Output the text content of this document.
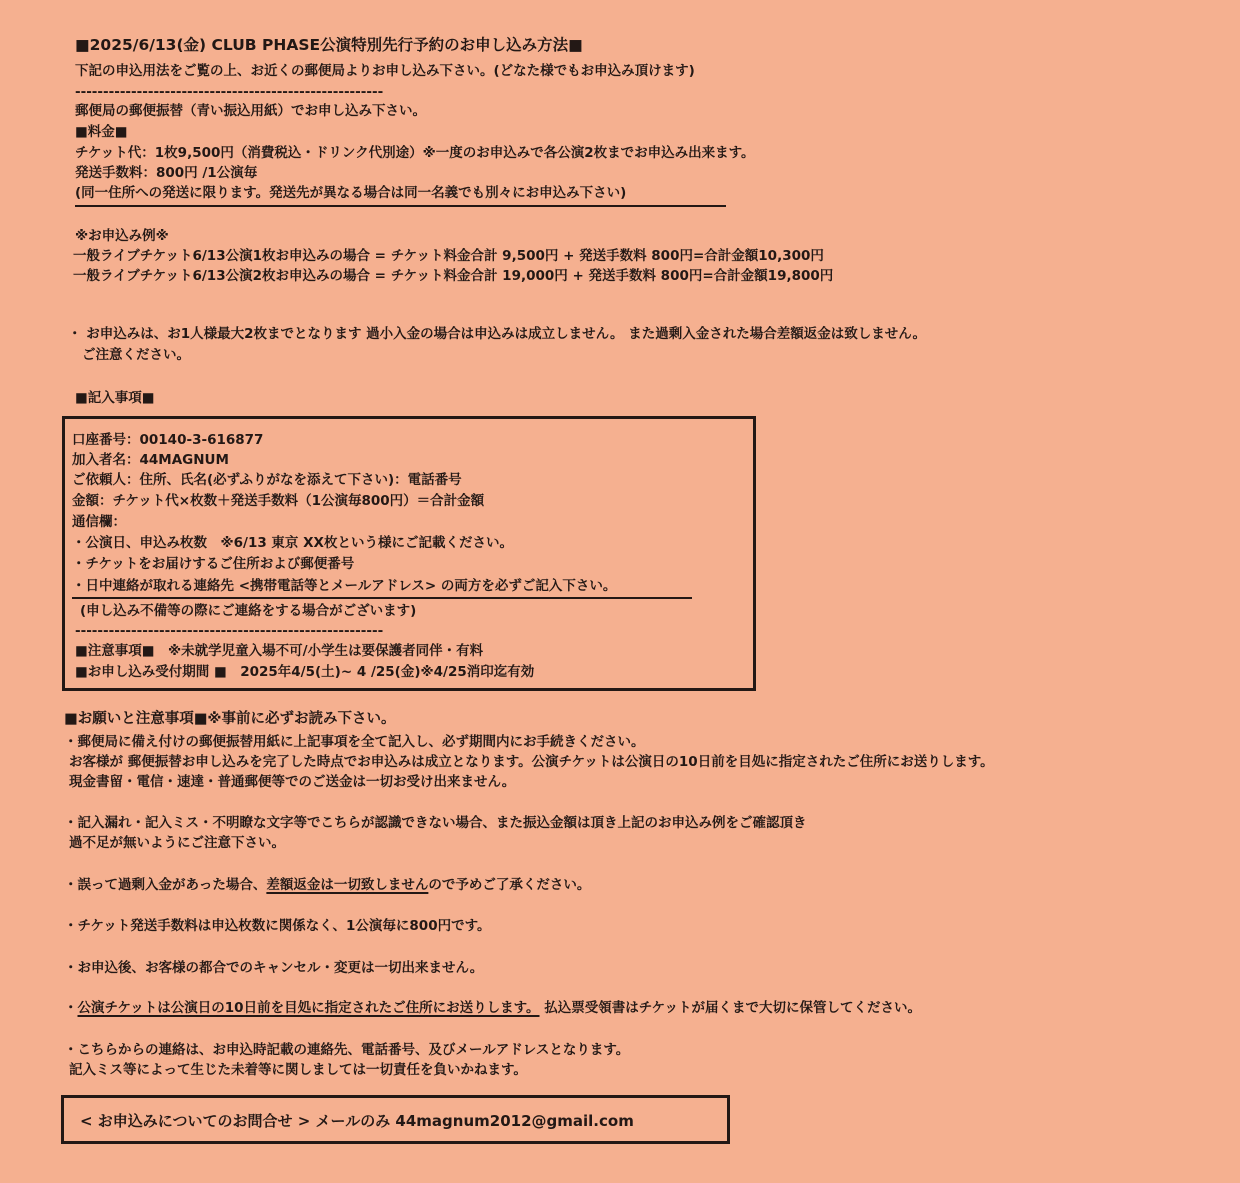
■2025/6/13(金) CLUB PHASE公演特別先行予約のお申し込み方法■
下記の申込用法をご覧の上、お近くの郵便局よりお申し込み下さい。(どなた様でもお申込み頂けます)
-------------------------------------------------------
郵便局の郵便振替（青い振込用紙）でお申し込み下さい。
■料金■
チケット代：1枚9,500円（消費税込・ドリンク代別途）※一度のお申込みで各公演2枚までお申込み出来ます。
発送手数料：800円 /1公演毎
(同一住所への発送に限ります。発送先が異なる場合は同一名義でも別々にお申込み下さい)
※お申込み例※
一般ライブチケット6/13公演1枚お申込みの場合 = チケット料金合計 9,500円 + 発送手数料 800円=合計金額10,300円
一般ライブチケット6/13公演2枚お申込みの場合 = チケット料金合計 19,000円 + 発送手数料 800円=合計金額19,800円
・ お申込みは、お1人様最大2枚までとなります 過小入金の場合は申込みは成立しません。 また過剰入金された場合差額返金は致しません。
ご注意ください。
■記入事項■
口座番号：00140-3-616877
加入者名：44MAGNUM
ご依頼人：住所、氏名(必ずふりがなを添えて下さい)：電話番号
金額：チケット代×枚数＋発送手数料（1公演毎800円）＝合計金額
通信欄：
・公演日、申込み枚数　※6/13 東京 XX枚という様にご記載ください。
・チケットをお届けするご住所および郵便番号
・日中連絡が取れる連絡先 <携帯電話等とメールアドレス> の両方を必ずご記入下さい。
(申し込み不備等の際にご連絡をする場合がございます)
-------------------------------------------------------
■注意事項■　※未就学児童入場不可/小学生は要保護者同伴・有料
■お申し込み受付期間 ■　2025年4/5(土)~ 4 /25(金)※4/25消印迄有効
■お願いと注意事項■※事前に必ずお読み下さい。
・郵便局に備え付けの郵便振替用紙に上記事項を全て記入し、必ず期間内にお手続きください。
お客様が 郵便振替お申し込みを完了した時点でお申込みは成立となります。公演チケットは公演日の10日前を目処に指定されたご住所にお送りします。
現金書留・電信・速達・普通郵便等でのご送金は一切お受け出来ません。
・記入漏れ・記入ミス・不明瞭な文字等でこちらが認識できない場合、また振込金額は頂き上記のお申込み例をご確認頂き
過不足が無いようにご注意下さい。
・誤って過剰入金があった場合、差額返金は一切致しませんので予めご了承ください。
・チケット発送手数料は申込枚数に関係なく、1公演毎に800円です。
・お申込後、お客様の都合でのキャンセル・変更は一切出来ません。
・公演チケットは公演日の10日前を目処に指定されたご住所にお送りします。 払込票受領書はチケットが届くまで大切に保管してください。
・こちらからの連絡は、お申込時記載の連絡先、電話番号、及びメールアドレスとなります。
記入ミス等によって生じた未着等に関しましては一切責任を負いかねます。
< お申込みについてのお問合せ > メールのみ 44magnum2012@gmail.com
